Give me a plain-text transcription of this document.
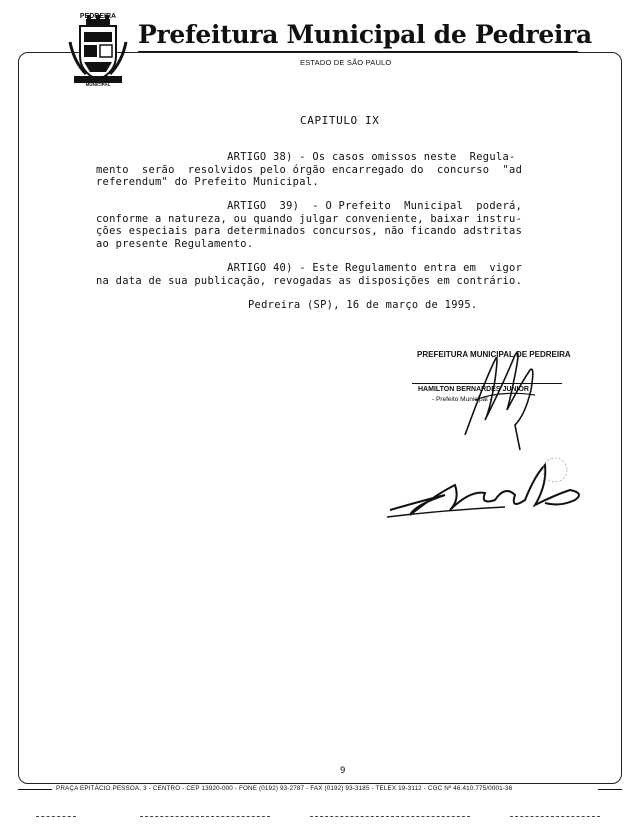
PEDREIRA
MUNICIPAL
Prefeitura Municipal de Pedreira
ESTADO DE SÃO PAULO
CAPITULO IX
ARTIGO 38) - Os casos omissos neste  Regula-
mento  serão  resolvidos pelo órgão encarregado do  concurso  "ad
referendum" do Prefeito Municipal.
ARTIGO  39)  - O Prefeito  Municipal  poderá,
conforme a natureza, ou quando julgar conveniente, baixar instru-
ções especiais para determinados concursos, não ficando adstritas
ao presente Regulamento.
ARTIGO 40) - Este Regulamento entra em  vigor
na data de sua publicação, revogadas as disposições em contrário.
Pedreira (SP), 16 de março de 1995.
PREFEITURA MUNICIPAL DE PEDREIRA
HAMILTON BERNARDES JUNIOR
- Prefeito Municipal -
9
PRAÇA EPITÁCIO PESSOA, 3 - CENTRO - CEP 13920-000 - FONE (0192) 93-2787 - FAX (0192) 93-3185 - TELEX 19-3112 - CGC Nº 46.410.775/0001-36
